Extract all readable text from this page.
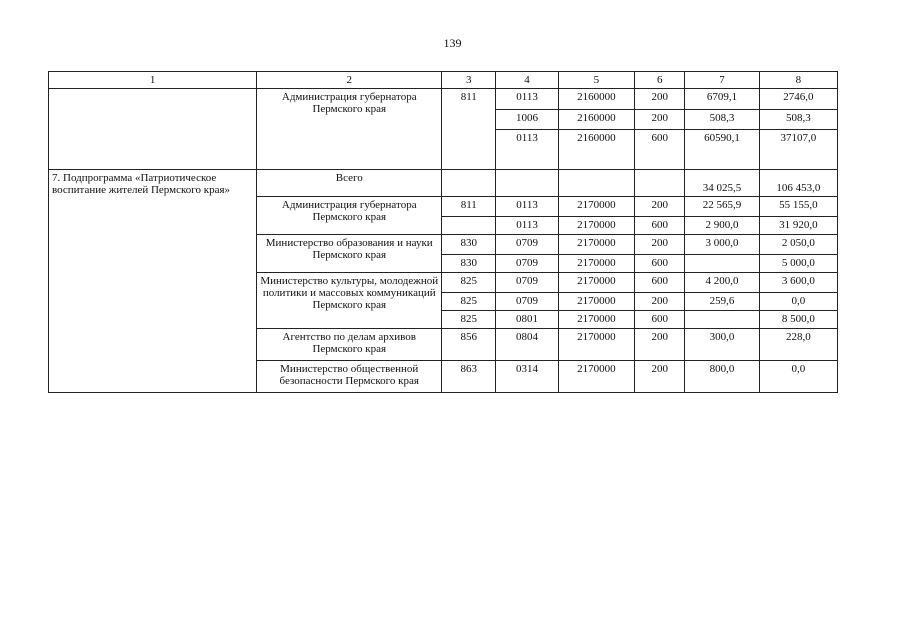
139
1	2	3	4	5	6	7	8
	Администрация губернатора Пермского края	811	0113	2160000	200	6709,1	2746,0
			1006	2160000	200	508,3	508,3
			0113	2160000	600	60590,1	37107,0
7. Подпрограмма «Патриотическое воспитание жителей Пермского края»	Всего					34 025,5	106 453,0
	Администрация губернатора Пермского края	811	0113	2170000	200	22 565,9	55 155,0
			0113	2170000	600	2 900,0	31 920,0
	Министерство образования и науки Пермского края	830	0709	2170000	200	3 000,0	2 050,0
		830	0709	2170000	600		5 000,0
	Министерство культуры, молодежной политики и массовых коммуникаций Пермского края	825	0709	2170000	600	4 200,0	3 600,0
		825	0709	2170000	200	259,6	0,0
		825	0801	2170000	600		8 500,0
	Агентство по делам архивов Пермского края	856	0804	2170000	200	300,0	228,0
	Министерство общественной безопасности Пермского края	863	0314	2170000	200	800,0	0,0
